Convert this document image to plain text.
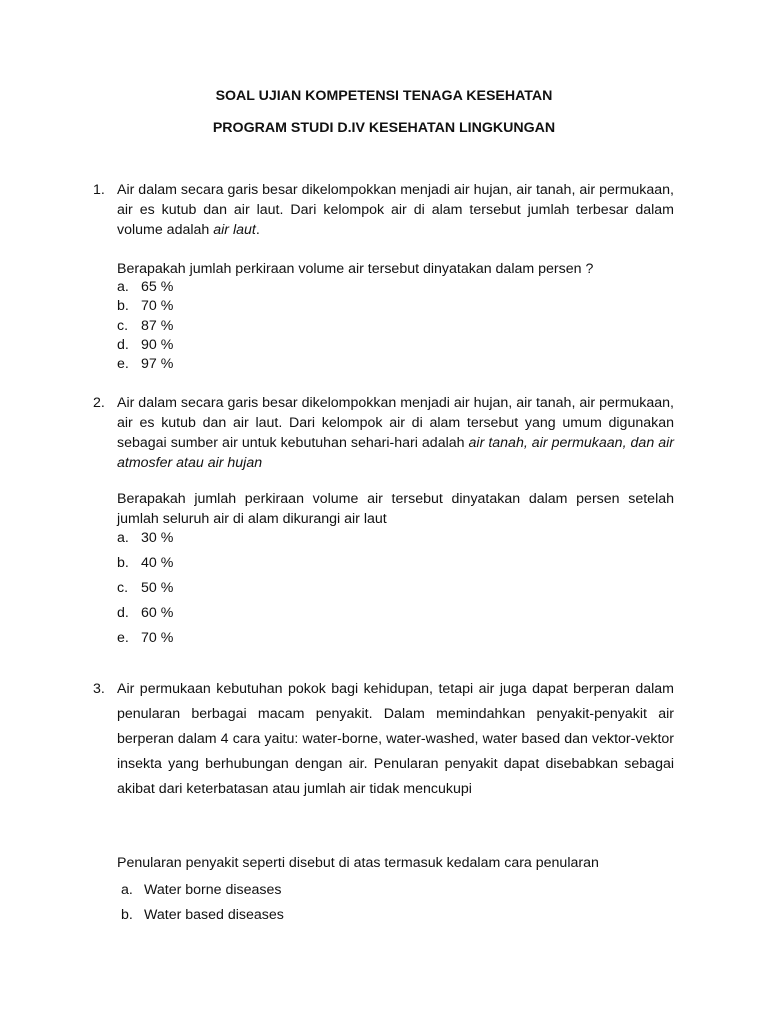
SOAL UJIAN KOMPETENSI TENAGA KESEHATAN
PROGRAM STUDI D.IV KESEHATAN LINGKUNGAN
1. Air dalam secara garis besar dikelompokkan menjadi air hujan, air tanah, air permukaan, air es kutub dan air laut. Dari kelompok air di alam tersebut jumlah terbesar dalam volume adalah air laut.
Berapakah jumlah perkiraan volume air tersebut dinyatakan dalam persen ?
a. 65 %
b. 70 %
c. 87 %
d. 90 %
e. 97 %
2. Air dalam secara garis besar dikelompokkan menjadi air hujan, air tanah, air permukaan, air es kutub dan air laut. Dari kelompok air di alam tersebut yang umum digunakan sebagai sumber air untuk kebutuhan sehari-hari adalah air tanah, air permukaan, dan air atmosfer atau air hujan
Berapakah jumlah perkiraan volume air tersebut dinyatakan dalam persen setelah jumlah seluruh air di alam dikurangi air laut
a. 30 %
b. 40 %
c. 50 %
d. 60 %
e. 70 %
3. Air permukaan kebutuhan pokok bagi kehidupan, tetapi air juga dapat berperan dalam penularan berbagai macam penyakit. Dalam memindahkan penyakit-penyakit air berperan dalam 4 cara yaitu: water-borne, water-washed, water based dan vektor-vektor insekta yang berhubungan dengan air. Penularan penyakit dapat disebabkan sebagai akibat dari keterbatasan atau jumlah air tidak mencukupi
Penularan penyakit seperti disebut di atas termasuk kedalam cara penularan
a. Water borne diseases
b. Water based diseases
